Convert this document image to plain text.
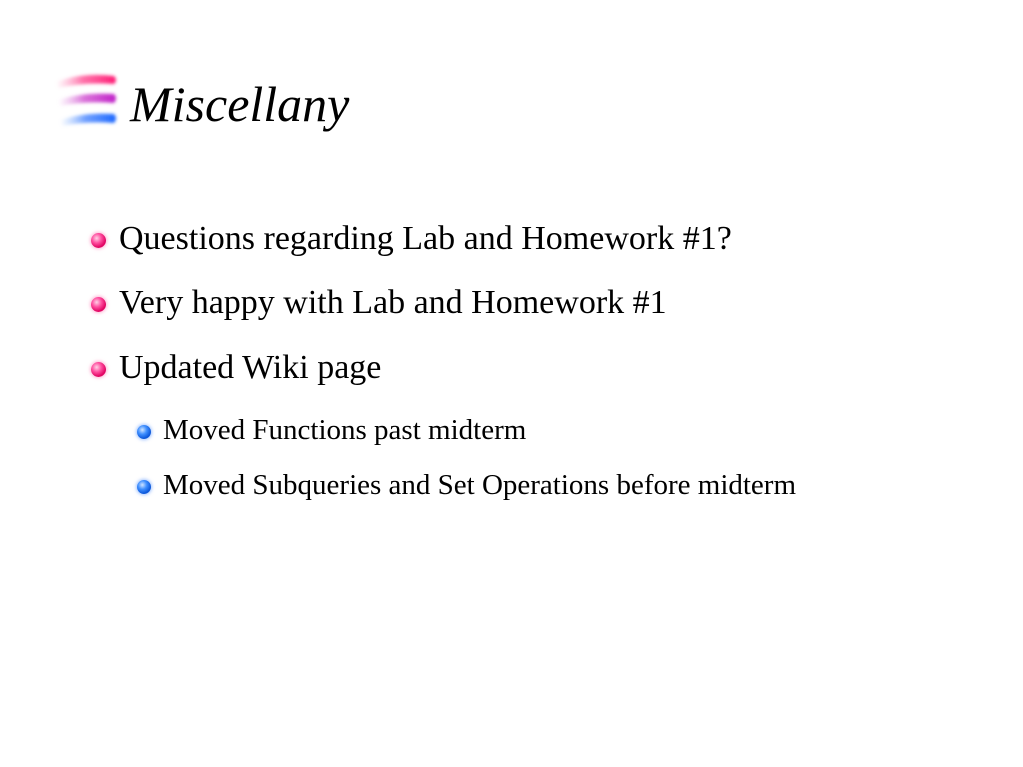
Miscellany
Questions regarding Lab and Homework #1?
Very happy with Lab and Homework #1
Updated Wiki page
Moved Functions past midterm
Moved Subqueries and Set Operations before midterm
